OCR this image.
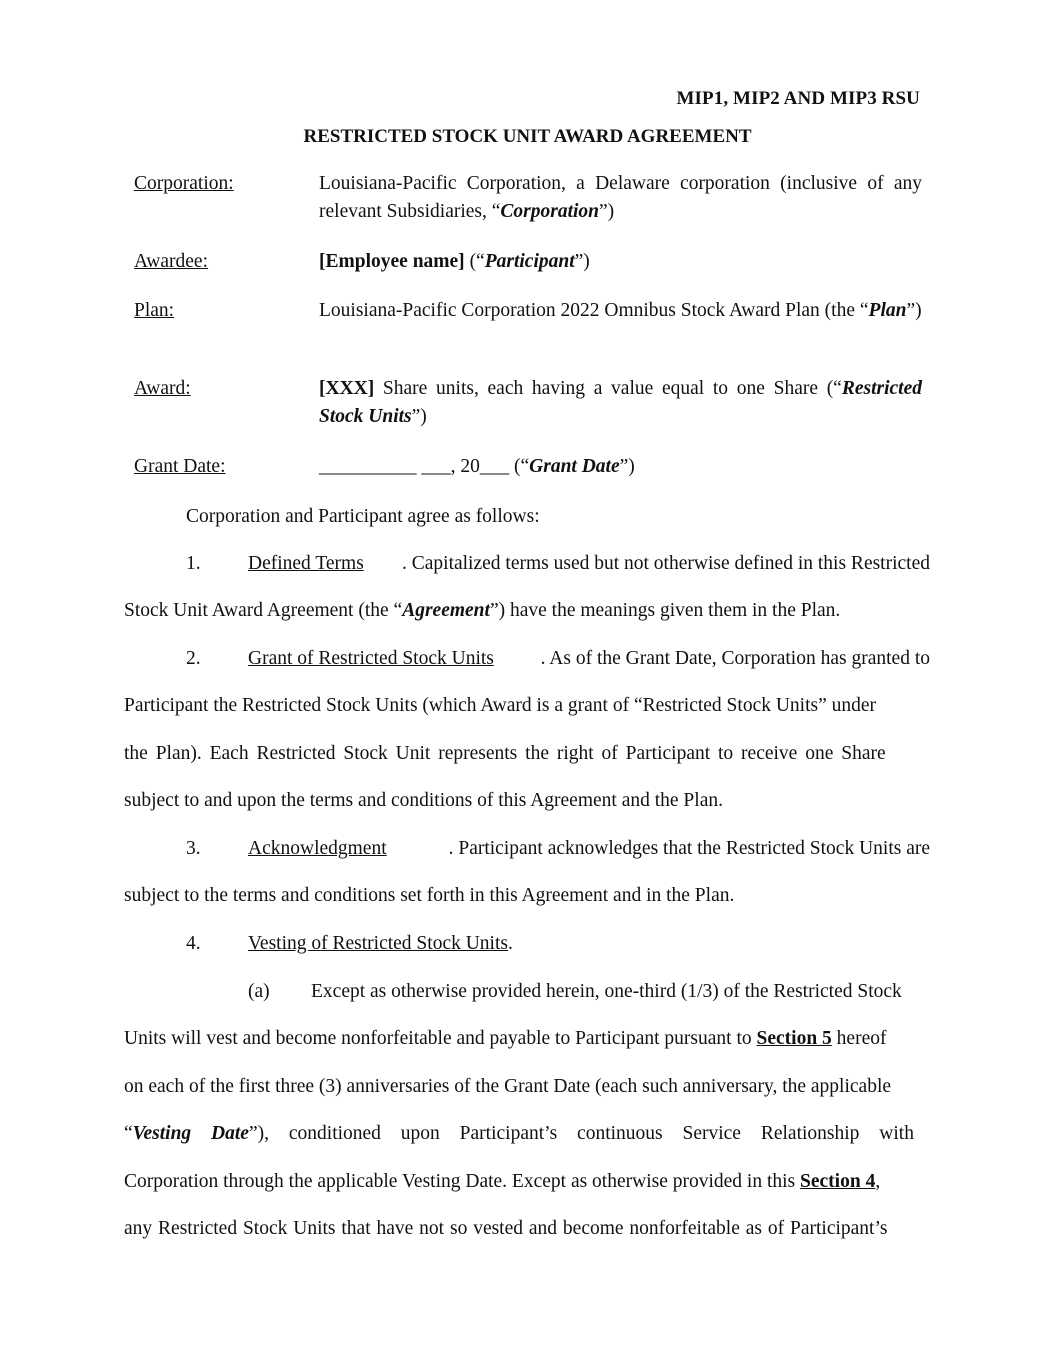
MIP1, MIP2 AND MIP3 RSU
RESTRICTED STOCK UNIT AWARD AGREEMENT
Corporation:	Louisiana-Pacific Corporation, a Delaware corporation (inclusive of any relevant Subsidiaries, “Corporation”)
Awardee:	[Employee name] (“Participant”)
Plan:	Louisiana-Pacific Corporation 2022 Omnibus Stock Award Plan (the “Plan”)
Award:	[XXX] Share units, each having a value equal to one Share (“Restricted Stock Units”)
Grant Date:	__________ ___, 20___ (“Grant Date”)
Corporation and Participant agree as follows:
1. Defined Terms . Capitalized terms used but not otherwise defined in this Restricted
Stock Unit Award Agreement (the “Agreement”) have the meanings given them in the Plan.
2. Grant of Restricted Stock Units . As of the Grant Date, Corporation has granted to
Participant the Restricted Stock Units (which Award is a grant of “Restricted Stock Units” under
the Plan). Each Restricted Stock Unit represents the right of Participant to receive one Share
subject to and upon the terms and conditions of this Agreement and the Plan.
3. Acknowledgment	. Participant acknowledges that the Restricted Stock Units are
subject to the terms and conditions set forth in this Agreement and in the Plan.
4. Vesting of Restricted Stock Units.
(a) Except as otherwise provided herein, one-third (1/3) of the Restricted Stock
Units will vest and become nonforfeitable and payable to Participant pursuant to Section 5 hereof
on each of the first three (3) anniversaries of the Grant Date (each such anniversary, the applicable
“Vesting Date”), conditioned upon Participant’s continuous Service Relationship with
Corporation through the applicable Vesting Date. Except as otherwise provided in this Section 4,
any Restricted Stock Units that have not so vested and become nonforfeitable as of Participant’s
